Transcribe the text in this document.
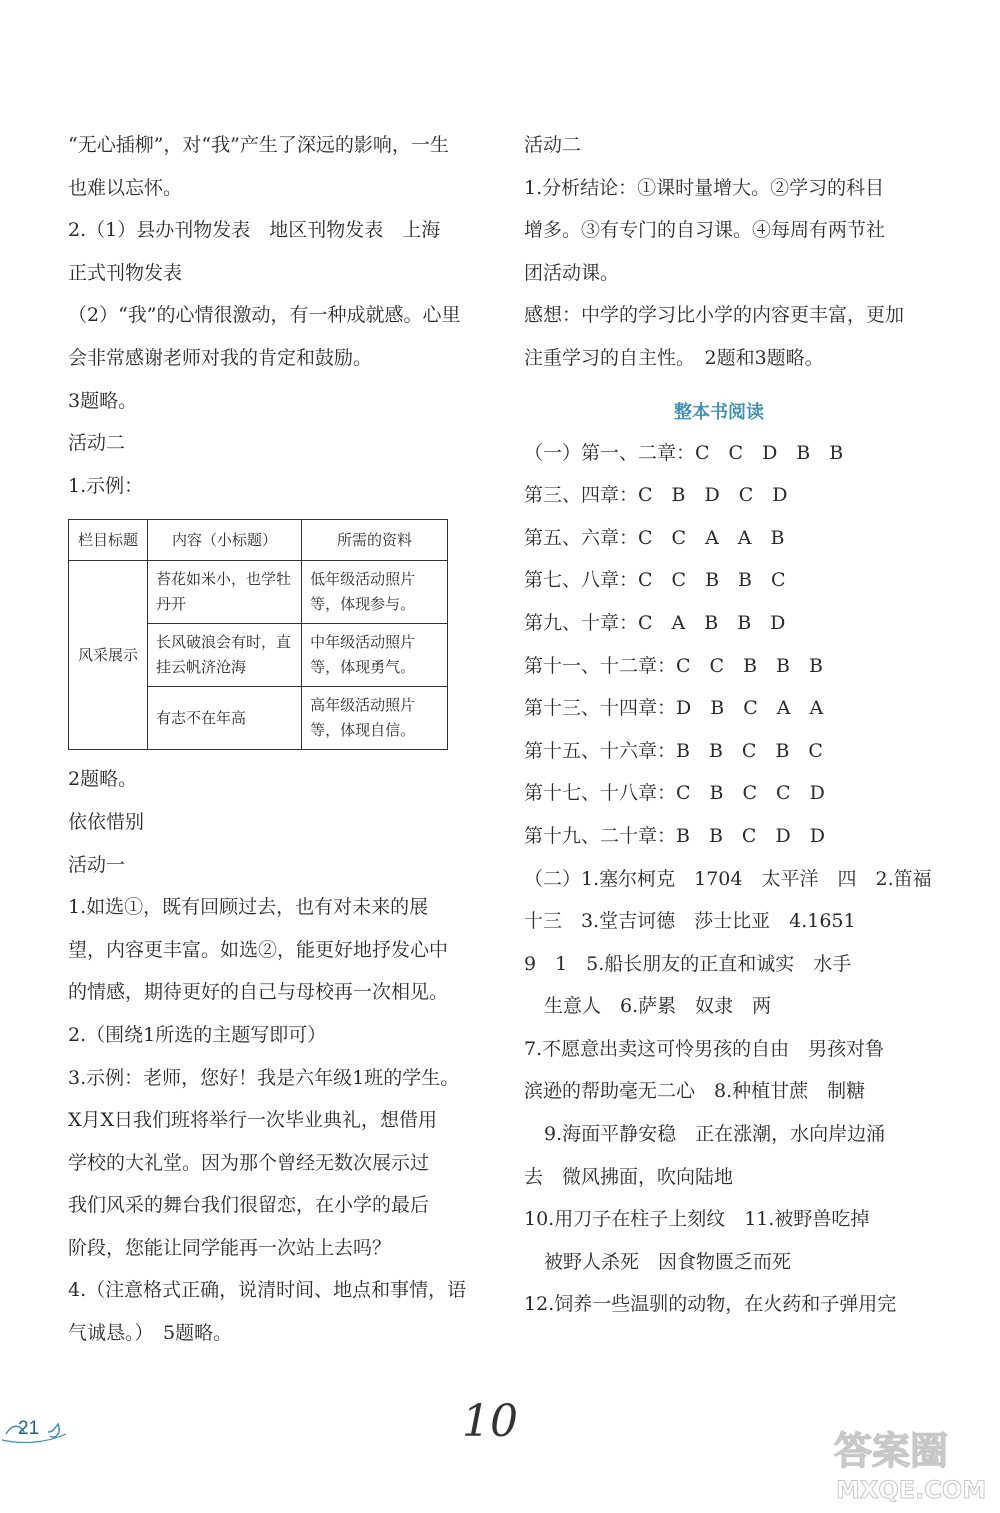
“无心插柳”，对“我”产生了深远的影响，一生
也难以忘怀。
2.（1）县办刊物发表　地区刊物发表　上海
正式刊物发表
（2）“我”的心情很激动，有一种成就感。心里
会非常感谢老师对我的肯定和鼓励。
3题略。
活动二
1.示例：
栏目标题	内容（小标题）	所需的资料
风采展示	苔花如米小，也学牡丹开	低年级活动照片等，体现参与。
	长风破浪会有时，直挂云帆济沧海	中年级活动照片等，体现勇气。
	有志不在年高	高年级活动照片等，体现自信。
2题略。
依依惜别
活动一
1.如选①，既有回顾过去，也有对未来的展
望，内容更丰富。如选②，能更好地抒发心中
的情感，期待更好的自己与母校再一次相见。
2.（围绕1所选的主题写即可）
3.示例：老师，您好！我是六年级1班的学生。
X月X日我们班将举行一次毕业典礼，想借用
学校的大礼堂。因为那个曾经无数次展示过
我们风采的舞台我们很留恋，在小学的最后
阶段，您能让同学能再一次站上去吗？
4.（注意格式正确，说清时间、地点和事情，语
气诚恳。）　5题略。
活动二
1.分析结论：①课时量增大。②学习的科目
增多。③有专门的自习课。④每周有两节社
团活动课。
感想：中学的学习比小学的内容更丰富，更加
注重学习的自主性。　2题和3题略。
整本书阅读
（一）第一、二章：C　C　D　B　B
第三、四章：C　B　D　C　D
第五、六章：C　C　A　A　B
第七、八章：C　C　B　B　C
第九、十章：C　A　B　B　D
第十一、十二章：C　C　B　B　B
第十三、十四章：D　B　C　A　A
第十五、十六章：B　B　C　B　C
第十七、十八章：C　B　C　C　D
第十九、二十章：B　B　C　D　D
（二）1.塞尔柯克　1704　太平洋　四　2.笛福
十三　3.堂吉诃德　莎士比亚　4.1651
9　1　5.船长朋友的正直和诚实　水手
生意人　6.萨累　奴隶　两
7.不愿意出卖这可怜男孩的自由　男孩对鲁
滨逊的帮助毫无二心　8.种植甘蔗　制糖
9.海面平静安稳　正在涨潮，水向岸边涌
去　微风拂面，吹向陆地
10.用刀子在柱子上刻纹　11.被野兽吃掉
被野人杀死　因食物匮乏而死
12.饲养一些温驯的动物，在火药和子弹用完
21	10
答案圈
MXQE.COM
